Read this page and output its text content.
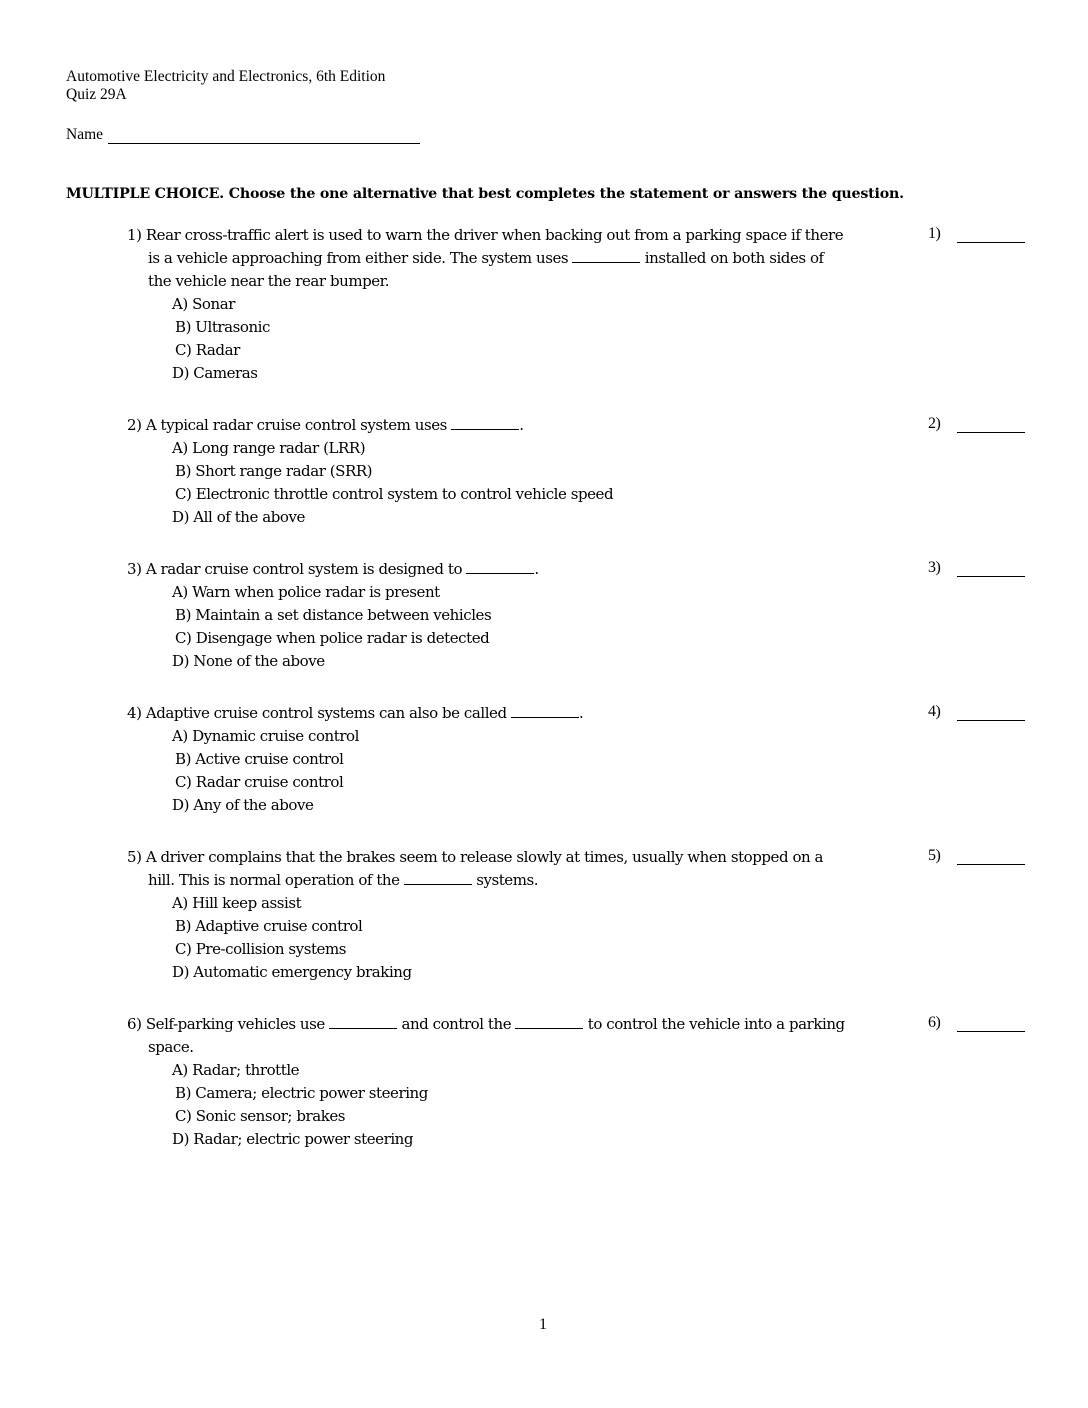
Automotive Electricity and Electronics, 6th Edition
Quiz 29A
Name
MULTIPLE CHOICE. Choose the one alternative that best completes the statement or answers the question.
1) Rear cross-traffic alert is used to warn the driver when backing out from a parking space if there
is a vehicle approaching from either side. The system uses	installed on both sides of
the vehicle near the rear bumper.
A) Sonar
B) Ultrasonic
C) Radar
D) Cameras
1)
2) A typical radar cruise control system uses	.
A) Long range radar (LRR)
B) Short range radar (SRR)
C) Electronic throttle control system to control vehicle speed
D) All of the above
2)
3) A radar cruise control system is designed to	.
A) Warn when police radar is present
B) Maintain a set distance between vehicles
C) Disengage when police radar is detected
D) None of the above
3)
4) Adaptive cruise control systems can also be called	.
A) Dynamic cruise control
B) Active cruise control
C) Radar cruise control
D) Any of the above
4)
5) A driver complains that the brakes seem to release slowly at times, usually when stopped on a
hill. This is normal operation of the	systems.
A) Hill keep assist
B) Adaptive cruise control
C) Pre-collision systems
D) Automatic emergency braking
5)
6) Self-parking vehicles use	and control the	to control the vehicle into a parking
space.
A) Radar; throttle
B) Camera; electric power steering
C) Sonic sensor; brakes
D) Radar; electric power steering
6)
1
